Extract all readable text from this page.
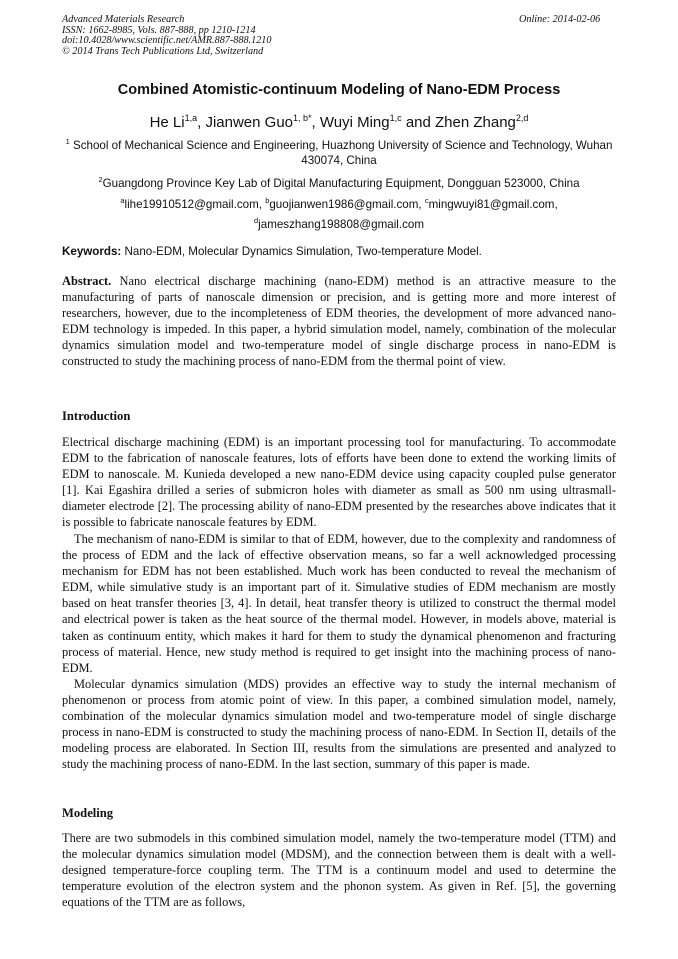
Advanced Materials Research
ISSN: 1662-8985, Vols. 887-888, pp 1210-1214
doi:10.4028/www.scientific.net/AMR.887-888.1210
© 2014 Trans Tech Publications Ltd, Switzerland
Online: 2014-02-06
Combined Atomistic-continuum Modeling of Nano-EDM Process
He Li$^{1,a}$, Jianwen Guo$^{1, b*}$, Wuyi Ming$^{1,c}$ and Zhen Zhang$^{2,d}$
$^1$ School of Mechanical Science and Engineering, Huazhong University of Science and Technology, Wuhan 430074, China
$^2$Guangdong Province Key Lab of Digital Manufacturing Equipment, Dongguan 523000, China
$^a$lihe19910512@gmail.com, $^b$guojianwen1986@gmail.com, $^c$mingwuyi81@gmail.com,
$^d$jameszhang198808@gmail.com
Keywords: Nano-EDM, Molecular Dynamics Simulation, Two-temperature Model.

Abstract. Nano electrical discharge machining (nano-EDM) method is an attractive measure to the manufacturing of parts of nanoscale dimension or precision, and is getting more and more interest of researchers, however, due to the incompleteness of EDM theories, the development of more advanced nano-EDM technology is impeded. In this paper, a hybrid simulation model, namely, combination of the molecular dynamics simulation model and two-temperature model of single discharge process in nano-EDM is constructed to study the machining process of nano-EDM from the thermal point of view.

Introduction

Electrical discharge machining (EDM) is an important processing tool for manufacturing. To accommodate EDM to the fabrication of nanoscale features, lots of efforts have been done to extend the working limits of EDM to nanoscale. M. Kunieda developed a new nano-EDM device using capacity coupled pulse generator [1]. Kai Egashira drilled a series of submicron holes with diameter as small as 500 nm using ultrasmall-diameter electrode [2]. The processing ability of nano-EDM presented by the researches above indicates that it is possible to fabricate nanoscale features by EDM.

The mechanism of nano-EDM is similar to that of EDM, however, due to the complexity and randomness of the process of EDM and the lack of effective observation means, so far a well acknowledged processing mechanism for EDM has not been established. Much work has been conducted to reveal the mechanism of EDM, while simulative study is an important part of it. Simulative studies of EDM mechanism are mostly based on heat transfer theories [3, 4]. In detail, heat transfer theory is utilized to construct the thermal model and electrical power is taken as the heat source of the thermal model. However, in models above, material is taken as continuum entity, which makes it hard for them to study the dynamical phenomenon and fracturing process of material. Hence, new study method is required to get insight into the machining process of nano-EDM.

Molecular dynamics simulation (MDS) provides an effective way to study the internal mechanism of phenomenon or process from atomic point of view. In this paper, a combined simulation model, namely, combination of the molecular dynamics simulation model and two-temperature model of single discharge process in nano-EDM is constructed to study the machining process of nano-EDM. In Section II, details of the modeling process are elaborated. In Section III, results from the simulations are presented and analyzed to study the machining process of nano-EDM. In the last section, summary of this paper is made.

Modeling

There are two submodels in this combined simulation model, namely the two-temperature model (TTM) and the molecular dynamics simulation model (MDSM), and the connection between them is dealt with a well-designed temperature-force coupling term. The TTM is a continuum model and used to determine the temperature evolution of the electron system and the phonon system. As given in Ref. [5], the governing equations of the TTM are as follows,
